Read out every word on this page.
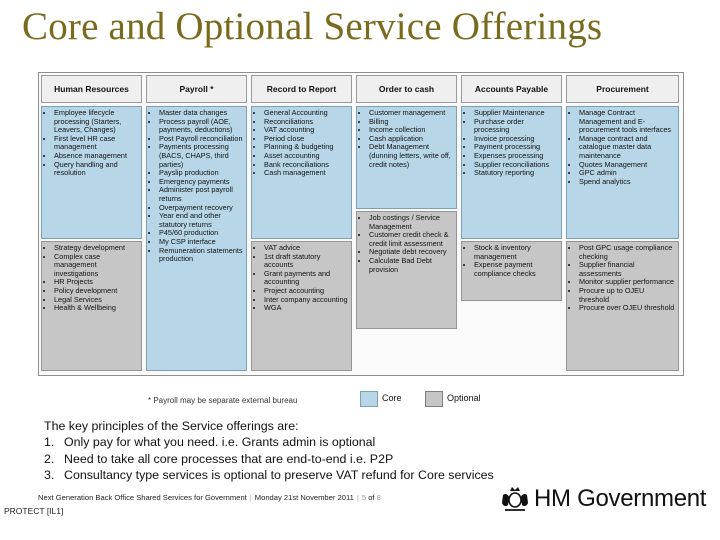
Core and Optional Service Offerings
Human Resources
• Employee lifecycle processing (Starters, Leavers, Changes)
• First level HR case management
• Absence management
• Query handling and resolution
• Strategy development
• Complex case management investigations
• HR Projects
• Policy development
• Legal Services
• Health & Wellbeing
Payroll *
• Master data changes
• Process payroll (AOE, payments, deductions)
• Post Payroll reconciliation
• Payments processing (BACS, CHAPS, third parties)
• Payslip production
• Emergency payments
• Administer post payroll returns
• Overpayment recovery
• Year end and other statutory returns
• P45/60 production
• My CSP interface
• Remuneration statements production
Record to Report
• General Accounting
• Reconciliations
• VAT accounting
• Period close
• Planning & budgeting
• Asset accounting
• Bank reconciliations
• Cash management
• VAT advice
• 1st draft statutory accounts
• Grant payments and accounting
• Project accounting
• Inter company accounting
• WGA
Order to cash
• Customer management
• Billing
• Income collection
• Cash application
• Debt Management (dunning letters, write off, credit notes)
• Job costings / Service Management
• Customer credit check & credit limit assessment
• Negotiate debt recovery
• Calculate Bad Debt provision
Accounts Payable
• Supplier Maintenance
• Purchase order processing
• Invoice processing
• Payment processing
• Expenses processing
• Supplier reconciliations
• Statutory reporting
• Stock & inventory management
• Expense payment compliance checks
Procurement
• Manage Contract Management and E-procurement tools interfaces
• Manage contract and catalogue master data maintenance
• Quotes Management
• GPC admin
• Spend analytics
• Post GPC usage compliance checking
• Supplier financial assessments
• Monitor supplier performance
• Procure up to OJEU threshold
• Procure over OJEU threshold
* Payroll may be separate external bureau	Core	Optional
The key principles of the Service offerings are:
1. Only pay for what you need. i.e. Grants admin is optional
2. Need to take all core processes that are end-to-end i.e. P2P
3. Consultancy type services is optional to preserve VAT refund for Core services
Next Generation Back Office Shared Services for Government | Monday 21st November 2011 | 5 of 8
PROTECT [IL1]	HM Government
